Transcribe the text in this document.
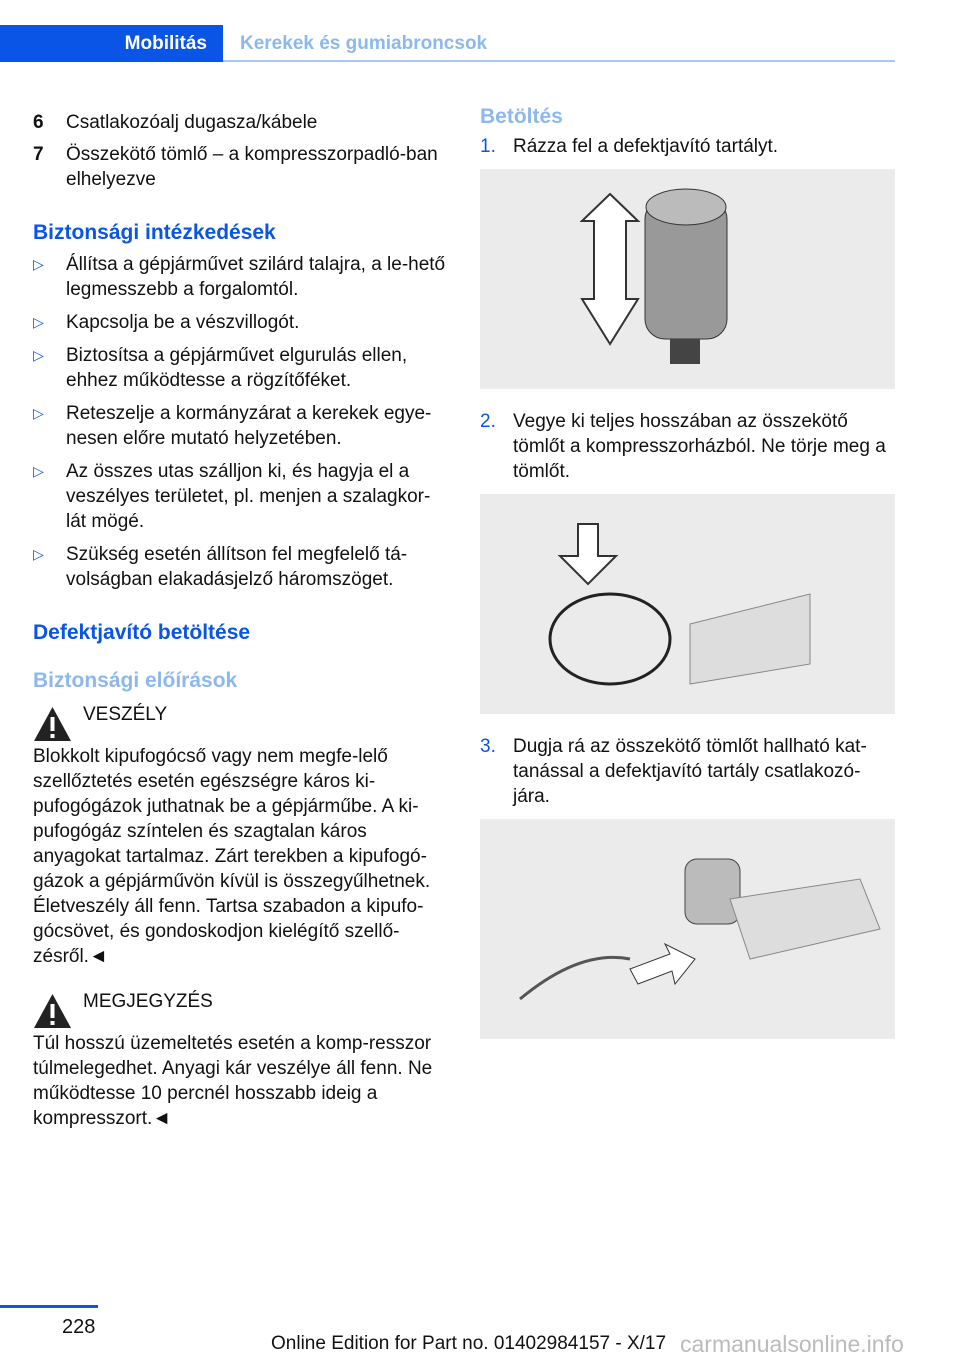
Mobilitás	Kerekek és gumiabroncsok
6	Csatlakozóalj dugasza/kábele
7	Összekötő tömlő – a kompresszorpadló-ban elhelyezve
Biztonsági intézkedések
▷	Állítsa a gépjárművet szilárd talajra, a le-hető legmesszebb a forgalomtól.
▷	Kapcsolja be a vészvillogót.
▷	Biztosítsa a gépjárművet elgurulás ellen, ehhez működtesse a rögzítőféket.
▷	Reteszelje a kormányzárat a kerekek egye-nesen előre mutató helyzetében.
▷	Az összes utas szálljon ki, és hagyja el a veszélyes területet, pl. menjen a szalagkor-lát mögé.
▷	Szükség esetén állítson fel megfelelő tá-volságban elakadásjelző háromszöget.
Defektjavító betöltése
Biztonsági előírások
VESZÉLY
Blokkolt kipufogócső vagy nem megfe-lelő szellőztetés esetén egészségre káros ki-pufogógázok juthatnak be a gépjárműbe. A ki-pufogógáz színtelen és szagtalan káros anyagokat tartalmaz. Zárt terekben a kipufogó-gázok a gépjárművön kívül is összegyűlhetnek. Életveszély áll fenn. Tartsa szabadon a kipufo-gócsövet, és gondoskodjon kielégítő szellő-zésről.◄
MEGJEGYZÉS
Túl hosszú üzemeltetés esetén a komp-resszor túlmelegedhet. Anyagi kár veszélye áll fenn. Ne működtesse 10 percnél hosszabb ideig a kompresszort.◄
Betöltés
1. Rázza fel a defektjavító tartályt.
2. Vegye ki teljes hosszában az összekötő tömlőt a kompresszorházból. Ne törje meg a tömlőt.
3. Dugja rá az összekötő tömlőt hallható kat-tanással a defektjavító tartály csatlakozó-jára.
228
Online Edition for Part no. 01402984157 - X/17 carmanualsonline.info
